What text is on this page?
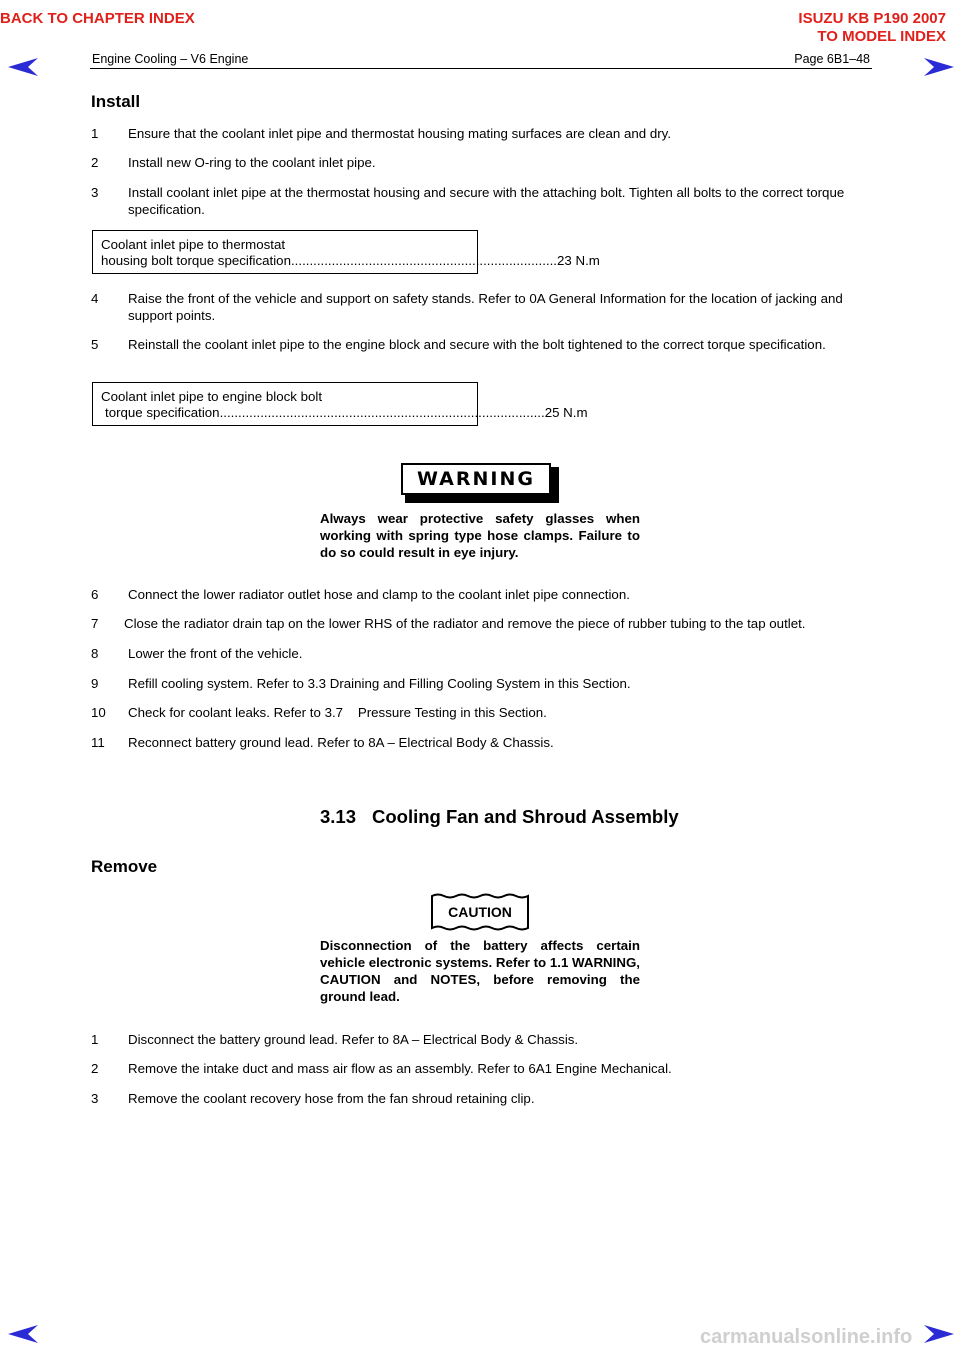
BACK TO CHAPTER INDEX	ISUZU KB P190 2007
TO MODEL INDEX
Engine Cooling – V6 Engine	Page 6B1–48
Install
1 Ensure that the coolant inlet pipe and thermostat housing mating surfaces are clean and dry.
2 Install new O-ring to the coolant inlet pipe.
3 Install coolant inlet pipe at the thermostat housing and secure with the attaching bolt. Tighten all bolts to the correct torque specification.
Coolant inlet pipe to thermostat
housing bolt torque specification ........................................................................ 23 N.m
4 Raise the front of the vehicle and support on safety stands. Refer to 0A General Information for the location of jacking and support points.
5 Reinstall the coolant inlet pipe to the engine block and secure with the bolt tightened to the correct torque specification.
Coolant inlet pipe to engine block bolt
torque specification ........................................................................................ 25 N.m
WARNING
Always wear protective safety glasses when working with spring type hose clamps. Failure to do so could result in eye injury.
6 Connect the lower radiator outlet hose and clamp to the coolant inlet pipe connection.
7 Close the radiator drain tap on the lower RHS of the radiator and remove the piece of rubber tubing to the tap outlet.
8 Lower the front of the vehicle.
9 Refill cooling system. Refer to 3.3 Draining and Filling Cooling System in this Section.
10 Check for coolant leaks. Refer to 3.7    Pressure Testing in this Section.
11 Reconnect battery ground lead. Refer to 8A – Electrical Body & Chassis.
3.13 Cooling Fan and Shroud Assembly
Remove
CAUTION
Disconnection of the battery affects certain vehicle electronic systems. Refer to 1.1 WARNING, CAUTION and NOTES, before removing the ground lead.
1 Disconnect the battery ground lead. Refer to 8A – Electrical Body & Chassis.
2 Remove the intake duct and mass air flow as an assembly. Refer to 6A1 Engine Mechanical.
3 Remove the coolant recovery hose from the fan shroud retaining clip.
carmanualsonline.info
